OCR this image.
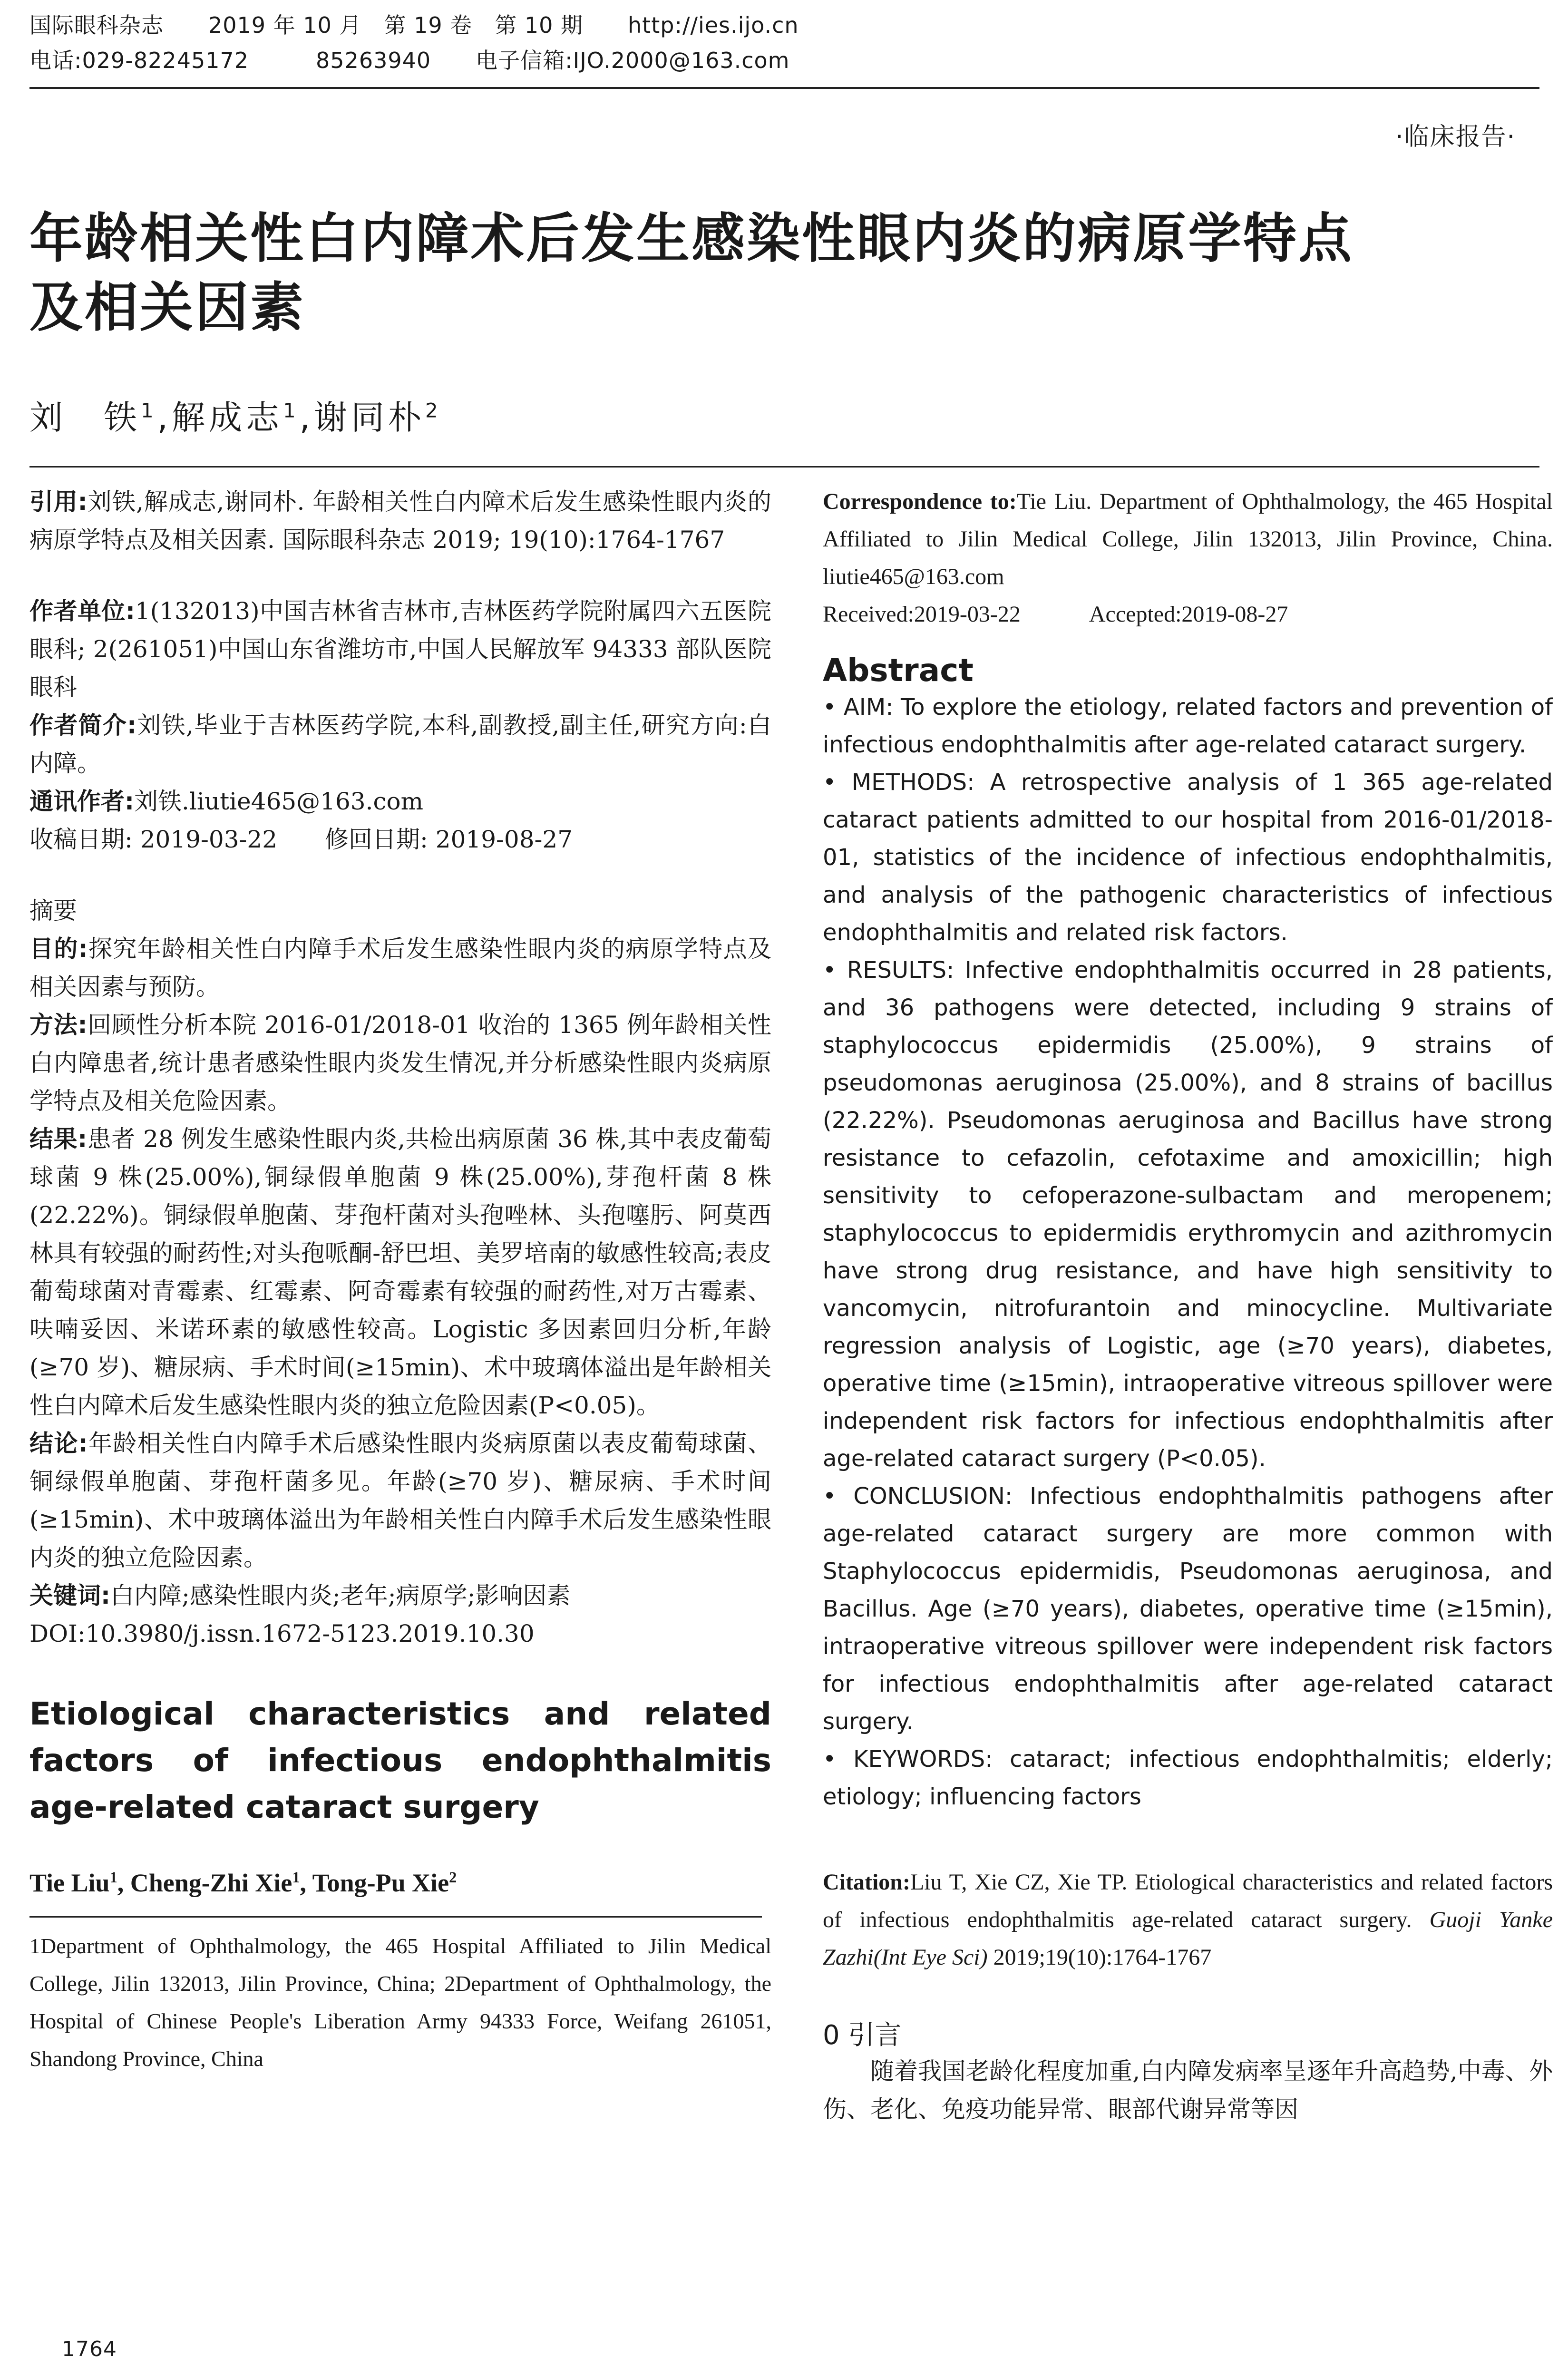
国际眼科杂志　　2019 年 10 月　第 19 卷　第 10 期　　http://ies.ijo.cn
电话:029-82245172　　　85263940　　电子信箱:IJO.2000@163.com
·临床报告·
年龄相关性白内障术后发生感染性眼内炎的病原学特点
及相关因素
刘　铁$^1$,解成志$^1$,谢同朴$^2$

引用:刘铁,解成志,谢同朴. 年龄相关性白内障术后发生感染性眼内炎的病原学特点及相关因素. 国际眼科杂志 2019; 19(10):1764-1767

作者单位:1(132013)中国吉林省吉林市,吉林医药学院附属四六五医院眼科; 2(261051)中国山东省潍坊市,中国人民解放军 94333 部队医院眼科

作者简介:刘铁,毕业于吉林医药学院,本科,副教授,副主任,研究方向:白内障。

通讯作者:刘铁.liutie465@163.com

收稿日期: 2019-03-22　　修回日期: 2019-08-27

摘要

目的:探究年龄相关性白内障手术后发生感染性眼内炎的病原学特点及相关因素与预防。

方法:回顾性分析本院 2016-01/2018-01 收治的 1365 例年龄相关性白内障患者,统计患者感染性眼内炎发生情况,并分析感染性眼内炎病原学特点及相关危险因素。

结果:患者 28 例发生感染性眼内炎,共检出病原菌 36 株,其中表皮葡萄球菌 9 株(25.00%),铜绿假单胞菌 9 株(25.00%),芽孢杆菌 8 株(22.22%)。铜绿假单胞菌、芽孢杆菌对头孢唑林、头孢噻肟、阿莫西林具有较强的耐药性;对头孢哌酮-舒巴坦、美罗培南的敏感性较高;表皮葡萄球菌对青霉素、红霉素、阿奇霉素有较强的耐药性,对万古霉素、呋喃妥因、米诺环素的敏感性较高。Logistic 多因素回归分析,年龄(≥70 岁)、糖尿病、手术时间(≥15min)、术中玻璃体溢出是年龄相关性白内障术后发生感染性眼内炎的独立危险因素(P<0.05)。

结论:年龄相关性白内障手术后感染性眼内炎病原菌以表皮葡萄球菌、铜绿假单胞菌、芽孢杆菌多见。年龄(≥70 岁)、糖尿病、手术时间(≥15min)、术中玻璃体溢出为年龄相关性白内障手术后发生感染性眼内炎的独立危险因素。

关键词:白内障;感染性眼内炎;老年;病原学;影响因素

DOI:10.3980/j.issn.1672-5123.2019.10.30

Etiological characteristics and related factors of infectious endophthalmitis age-related cataract surgery

Tie Liu$^1$, Cheng-Zhi Xie$^1$, Tong-Pu Xie$^2$

1Department of Ophthalmology, the 465 Hospital Affiliated to Jilin Medical College, Jilin 132013, Jilin Province, China; 2Department of Ophthalmology, the Hospital of Chinese People's Liberation Army 94333 Force, Weifang 261051, Shandong Province, China

Correspondence to:Tie Liu. Department of Ophthalmology, the 465 Hospital Affiliated to Jilin Medical College, Jilin 132013, Jilin Province, China. liutie465@163.com

Received:2019-03-22　　　Accepted:2019-08-27

Abstract

• AIM: To explore the etiology, related factors and prevention of infectious endophthalmitis after age-related cataract surgery.

• METHODS: A retrospective analysis of 1 365 age-related cataract patients admitted to our hospital from 2016-01/2018-01, statistics of the incidence of infectious endophthalmitis, and analysis of the pathogenic characteristics of infectious endophthalmitis and related risk factors.

• RESULTS: Infective endophthalmitis occurred in 28 patients, and 36 pathogens were detected, including 9 strains of staphylococcus epidermidis (25.00%), 9 strains of pseudomonas aeruginosa (25.00%), and 8 strains of bacillus (22.22%). Pseudomonas aeruginosa and Bacillus have strong resistance to cefazolin, cefotaxime and amoxicillin; high sensitivity to cefoperazone-sulbactam and meropenem; staphylococcus to epidermidis erythromycin and azithromycin have strong drug resistance, and have high sensitivity to vancomycin, nitrofurantoin and minocycline. Multivariate regression analysis of Logistic, age (≥70 years), diabetes, operative time (≥15min), intraoperative vitreous spillover were independent risk factors for infectious endophthalmitis after age-related cataract surgery (P<0.05).

• CONCLUSION: Infectious endophthalmitis pathogens after age-related cataract surgery are more common with Staphylococcus epidermidis, Pseudomonas aeruginosa, and Bacillus. Age (≥70 years), diabetes, operative time (≥15min), intraoperative vitreous spillover were independent risk factors for infectious endophthalmitis after age-related cataract surgery.

• KEYWORDS: cataract; infectious endophthalmitis; elderly; etiology; influencing factors

Citation:Liu T, Xie CZ, Xie TP. Etiological characteristics and related factors of infectious endophthalmitis age-related cataract surgery. Guoji Yanke Zazhi(Int Eye Sci) 2019;19(10):1764-1767

0 引言

随着我国老龄化程度加重,白内障发病率呈逐年升高趋势,中毒、外伤、老化、免疫功能异常、眼部代谢异常等因

1764
